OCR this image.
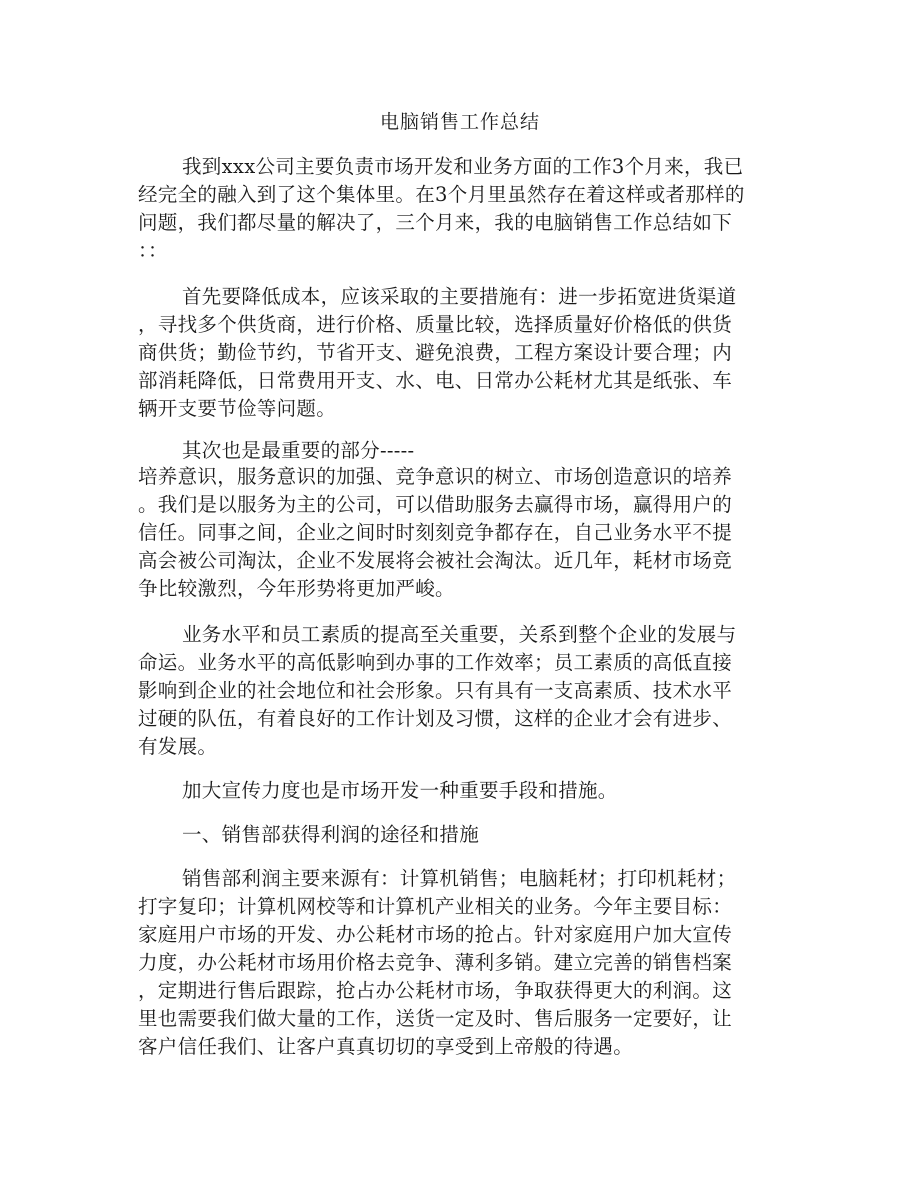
电脑销售工作总结
我到xxx公司主要负责市场开发和业务方面的工作3个月来，我已
经完全的融入到了这个集体里。在3个月里虽然存在着这样或者那样的
问题，我们都尽量的解决了，三个月来，我的电脑销售工作总结如下
：：
首先要降低成本，应该采取的主要措施有：进一步拓宽进货渠道
，寻找多个供货商，进行价格、质量比较，选择质量好价格低的供货
商供货；勤俭节约，节省开支、避免浪费，工程方案设计要合理；内
部消耗降低，日常费用开支、水、电、日常办公耗材尤其是纸张、车
辆开支要节俭等问题。
其次也是最重要的部分-----
培养意识，服务意识的加强、竞争意识的树立、市场创造意识的培养
。我们是以服务为主的公司，可以借助服务去赢得市场，赢得用户的
信任。同事之间，企业之间时时刻刻竞争都存在，自己业务水平不提
高会被公司淘汰，企业不发展将会被社会淘汰。近几年，耗材市场竞
争比较激烈，今年形势将更加严峻。
业务水平和员工素质的提高至关重要，关系到整个企业的发展与
命运。业务水平的高低影响到办事的工作效率；员工素质的高低直接
影响到企业的社会地位和社会形象。只有具有一支高素质、技术水平
过硬的队伍，有着良好的工作计划及习惯，这样的企业才会有进步、
有发展。
加大宣传力度也是市场开发一种重要手段和措施。
一、销售部获得利润的途径和措施
销售部利润主要来源有：计算机销售；电脑耗材；打印机耗材；
打字复印；计算机网校等和计算机产业相关的业务。今年主要目标：
家庭用户市场的开发、办公耗材市场的抢占。针对家庭用户加大宣传
力度，办公耗材市场用价格去竞争、薄利多销。建立完善的销售档案
，定期进行售后跟踪，抢占办公耗材市场，争取获得更大的利润。这
里也需要我们做大量的工作，送货一定及时、售后服务一定要好，让
客户信任我们、让客户真真切切的享受到上帝般的待遇。
